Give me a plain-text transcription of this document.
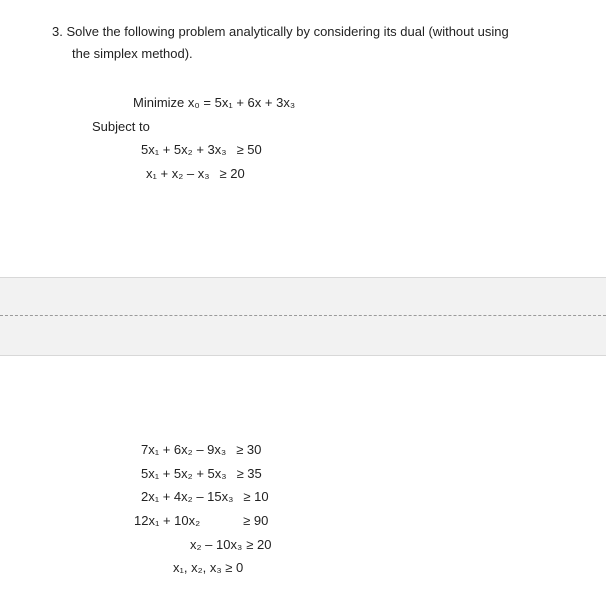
3. Solve the following problem analytically by considering its dual (without using
the simplex method).
Minimize x₀ = 5x₁ + 6x + 3x₃
Subject to
5x₁ + 5x₂ + 3x₃ ≥ 50
x₁ + x₂ – x₃ ≥ 20
7x₁ + 6x₂ – 9x₃ ≥ 30
5x₁ + 5x₂ + 5x₃ ≥ 35
2x₁ + 4x₂ – 15x₃ ≥ 10
12x₁ + 10x₂	≥ 90
x₂ – 10x₃ ≥ 20
x₁, x₂, x₃ ≥ 0
